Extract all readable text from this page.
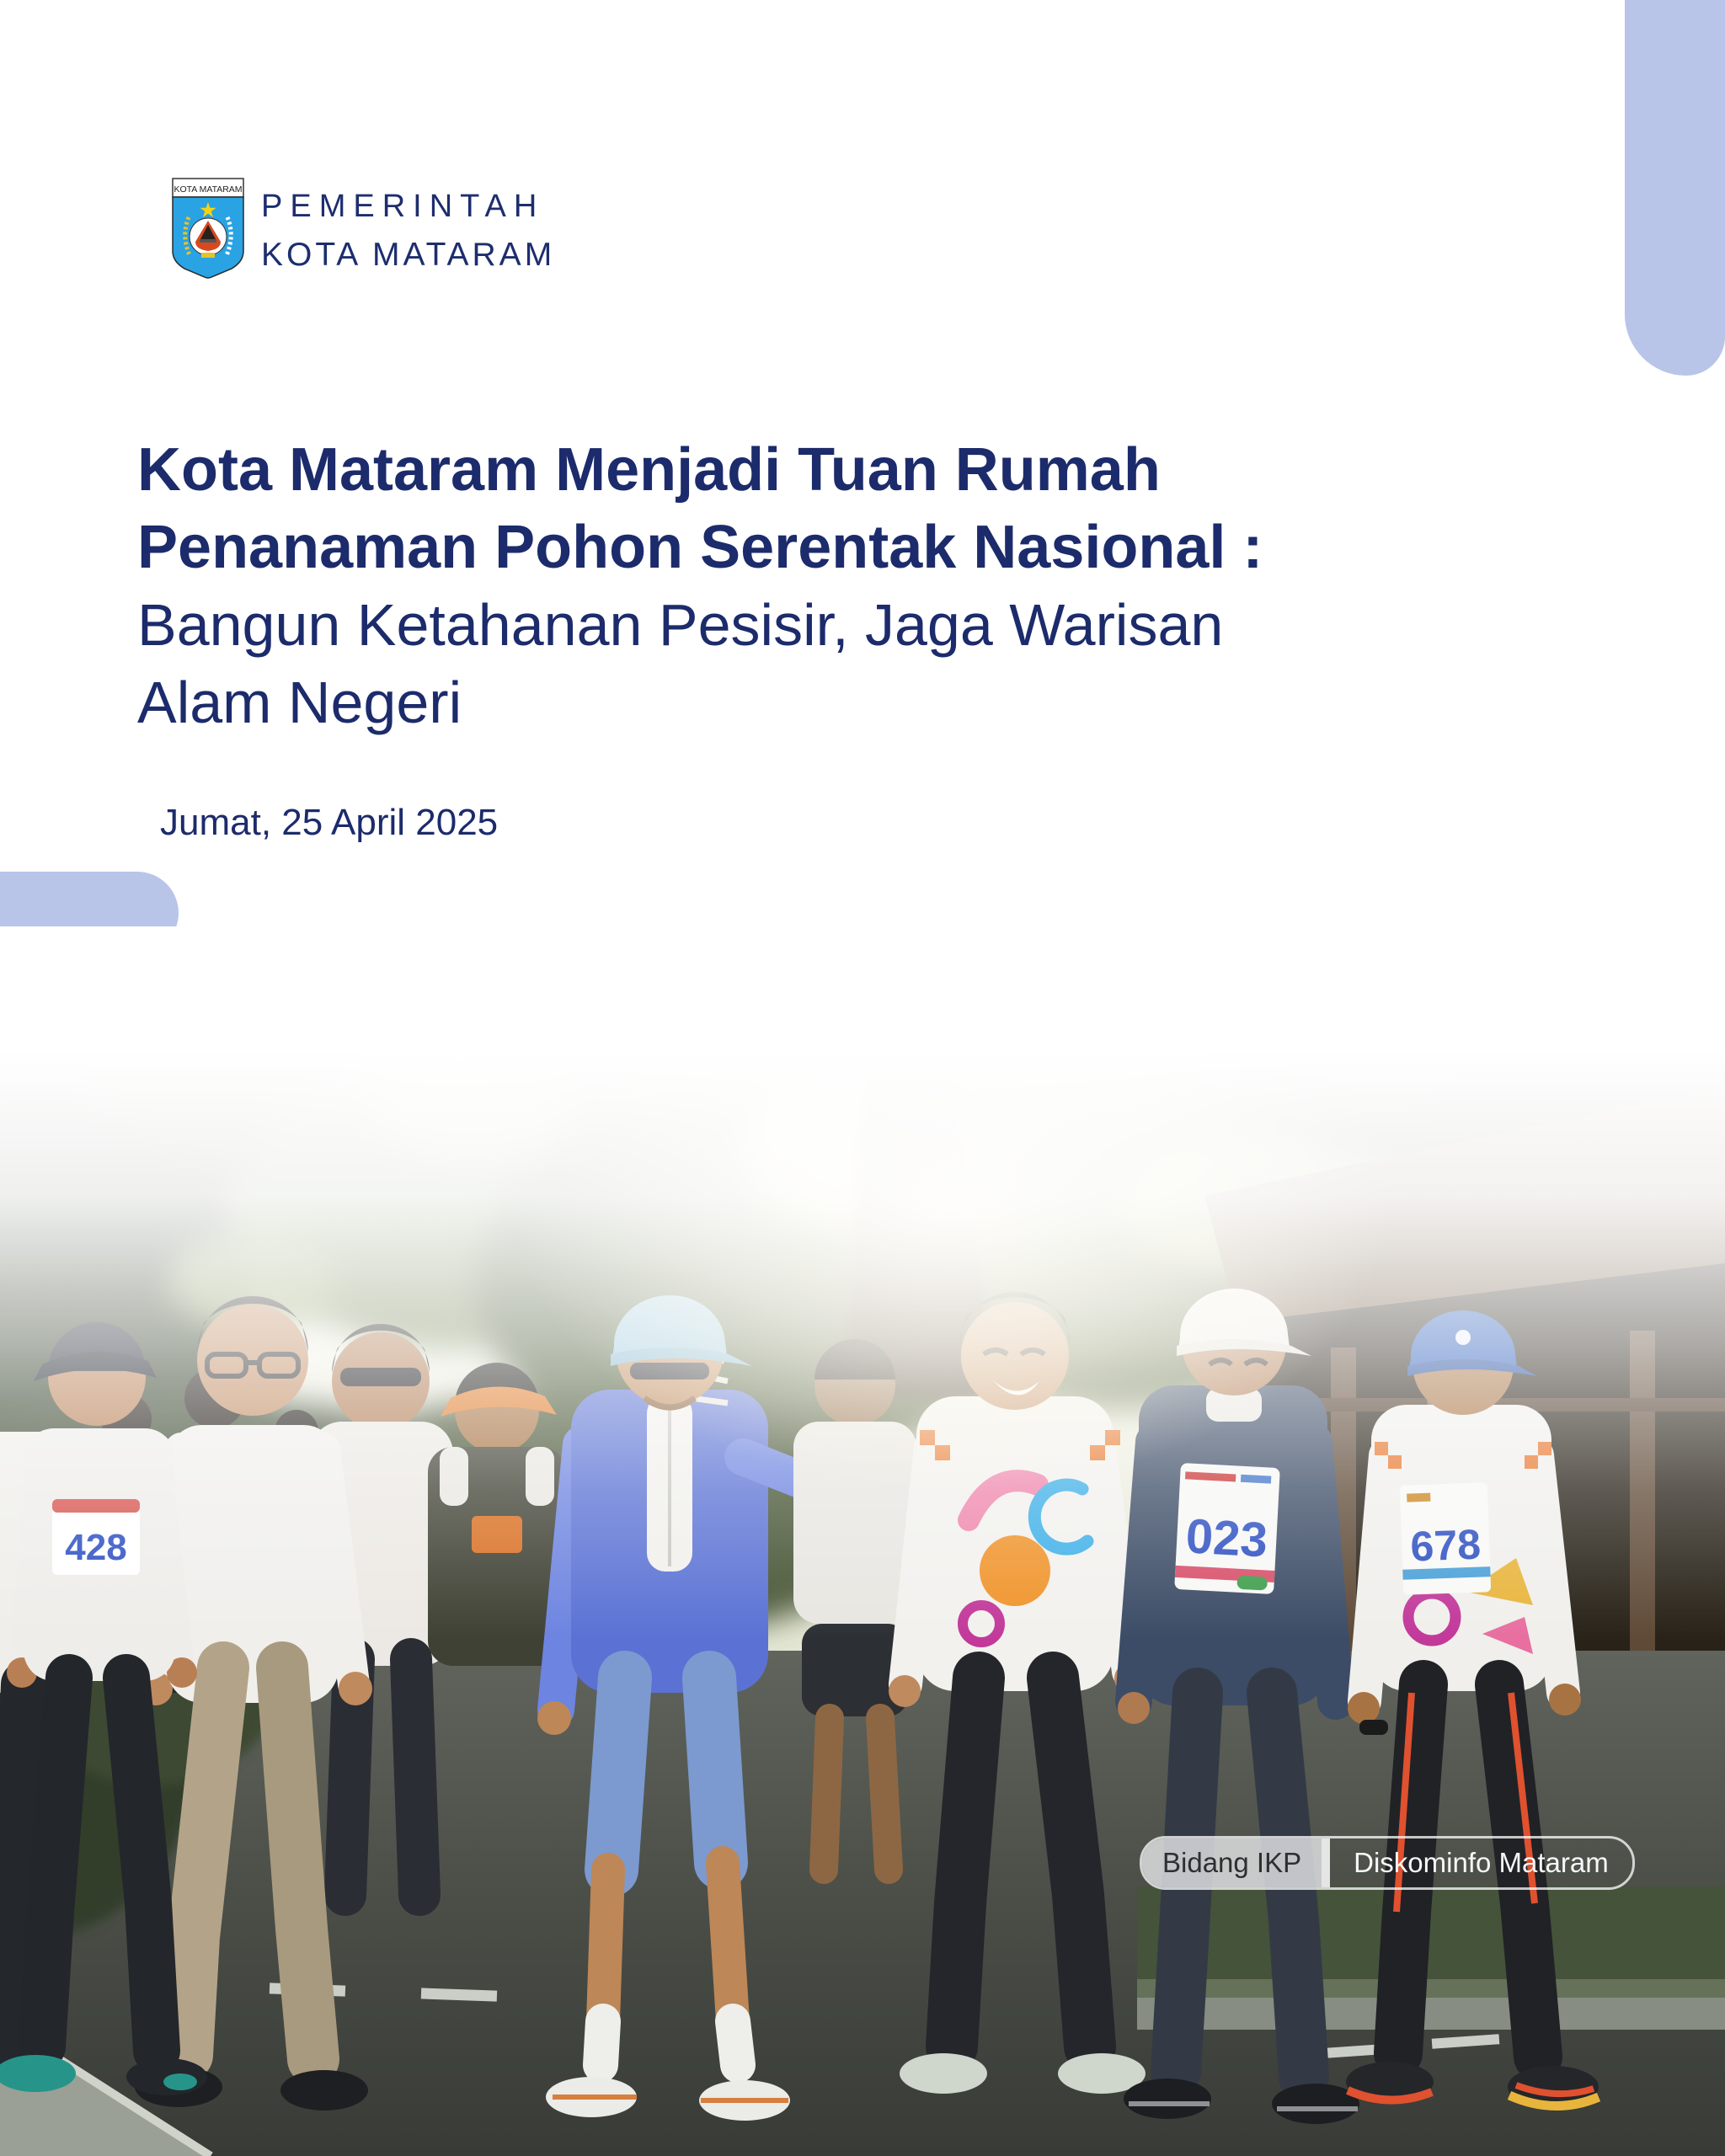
KOTA MATARAM PEMERINTAH
KOTA MATARAM
Kota Mataram Menjadi Tuan Rumah
Penanaman Pohon Serentak Nasional :
Bangun Ketahanan Pesisir, Jaga Warisan
Alam Negeri
Jumat, 25 April 2025
Bidang IKP	Diskominfo Mataram
